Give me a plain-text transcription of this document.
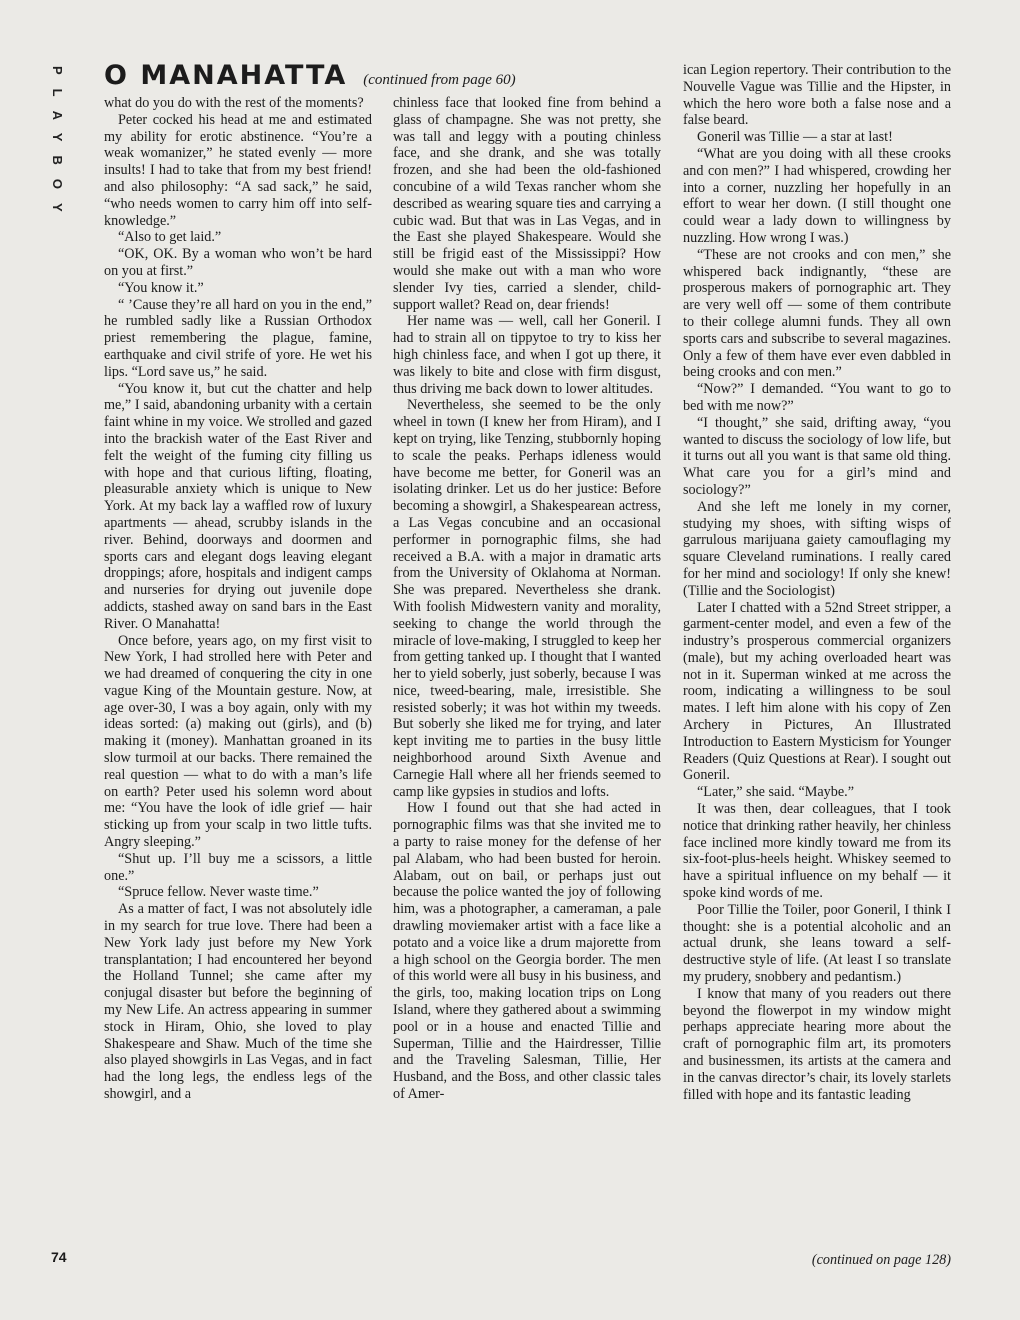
PLAYBOY O MANAHATTA (continued from page 60)

what do you do with the rest of the moments?

Peter cocked his head at me and estimated my ability for erotic abstinence. “You’re a weak womanizer,” he stated evenly — more insults! I had to take that from my best friend! and also philosophy: “A sad sack,” he said, “who needs women to carry him off into self-knowledge.”

“Also to get laid.”

“OK, OK. By a woman who won’t be hard on you at first.”

“You know it.”

“ ’Cause they’re all hard on you in the end,” he rumbled sadly like a Russian Orthodox priest remembering the plague, famine, earthquake and civil strife of yore. He wet his lips. “Lord save us,” he said.

“You know it, but cut the chatter and help me,” I said, abandoning urbanity with a certain faint whine in my voice. We strolled and gazed into the brackish water of the East River and felt the weight of the fuming city filling us with hope and that curious lifting, floating, pleasurable anxiety which is unique to New York. At my back lay a waffled row of luxury apartments — ahead, scrubby islands in the river. Behind, doorways and doormen and sports cars and elegant dogs leaving elegant droppings; afore, hospitals and indigent camps and nurseries for drying out juvenile dope addicts, stashed away on sand bars in the East River. O Manahatta!

Once before, years ago, on my first visit to New York, I had strolled here with Peter and we had dreamed of conquering the city in one vague King of the Mountain gesture. Now, at age over-30, I was a boy again, only with my ideas sorted: (a) making out (girls), and (b) making it (money). Manhattan groaned in its slow turmoil at our backs. There remained the real question — what to do with a man’s life on earth? Peter used his solemn word about me: “You have the look of idle grief — hair sticking up from your scalp in two little tufts. Angry sleeping.”

“Shut up. I’ll buy me a scissors, a little one.”

“Spruce fellow. Never waste time.”

As a matter of fact, I was not absolutely idle in my search for true love. There had been a New York lady just before my New York transplantation; I had encountered her beyond the Holland Tunnel; she came after my conjugal disaster but before the beginning of my New Life. An actress appearing in summer stock in Hiram, Ohio, she loved to play Shakespeare and Shaw. Much of the time she also played showgirls in Las Vegas, and in fact had the long legs, the endless legs of the showgirl, and a

chinless face that looked fine from behind a glass of champagne. She was not pretty, she was tall and leggy with a pouting chinless face, and she drank, and she was totally frozen, and she had been the old-fashioned concubine of a wild Texas rancher whom she described as wearing square ties and carrying a cubic wad. But that was in Las Vegas, and in the East she played Shakespeare. Would she still be frigid east of the Mississippi? How would she make out with a man who wore slender Ivy ties, carried a slender, child-support wallet? Read on, dear friends!

Her name was — well, call her Goneril. I had to strain all on tippytoe to try to kiss her high chinless face, and when I got up there, it was likely to bite and close with firm disgust, thus driving me back down to lower altitudes.

Nevertheless, she seemed to be the only wheel in town (I knew her from Hiram), and I kept on trying, like Tenzing, stubbornly hoping to scale the peaks. Perhaps idleness would have become me better, for Goneril was an isolating drinker. Let us do her justice: Before becoming a showgirl, a Shakespearean actress, a Las Vegas concubine and an occasional performer in pornographic films, she had received a B.A. with a major in dramatic arts from the University of Oklahoma at Norman. She was prepared. Nevertheless she drank. With foolish Midwestern vanity and morality, seeking to change the world through the miracle of love-making, I struggled to keep her from getting tanked up. I thought that I wanted her to yield soberly, just soberly, because I was nice, tweed-bearing, male, irresistible. She resisted soberly; it was hot within my tweeds. But soberly she liked me for trying, and later kept inviting me to parties in the busy little neighborhood around Sixth Avenue and Carnegie Hall where all her friends seemed to camp like gypsies in studios and lofts.

How I found out that she had acted in pornographic films was that she invited me to a party to raise money for the defense of her pal Alabam, who had been busted for heroin. Alabam, out on bail, or perhaps just out because the police wanted the joy of following him, was a photographer, a cameraman, a pale drawling moviemaker artist with a face like a potato and a voice like a drum majorette from a high school on the Georgia border. The men of this world were all busy in his business, and the girls, too, making location trips on Long Island, where they gathered about a swimming pool or in a house and enacted Tillie and Superman, Tillie and the Hairdresser, Tillie and the Traveling Salesman, Tillie, Her Husband, and the Boss, and other classic tales of Amer-

ican Legion repertory. Their contribution to the Nouvelle Vague was Tillie and the Hipster, in which the hero wore both a false nose and a false beard.

Goneril was Tillie — a star at last!

“What are you doing with all these crooks and con men?” I had whispered, crowding her into a corner, nuzzling her hopefully in an effort to wear her down. (I still thought one could wear a lady down to willingness by nuzzling. How wrong I was.)

“These are not crooks and con men,” she whispered back indignantly, “these are prosperous makers of pornographic art. They are very well off — some of them contribute to their college alumni funds. They all own sports cars and subscribe to several magazines. Only a few of them have ever even dabbled in being crooks and con men.”

“Now?” I demanded. “You want to go to bed with me now?”

“I thought,” she said, drifting away, “you wanted to discuss the sociology of low life, but it turns out all you want is that same old thing. What care you for a girl’s mind and sociology?”

And she left me lonely in my corner, studying my shoes, with sifting wisps of garrulous marijuana gaiety camouflaging my square Cleveland ruminations. I really cared for her mind and sociology! If only she knew! (Tillie and the Sociologist)

Later I chatted with a 52nd Street stripper, a garment-center model, and even a few of the industry’s prosperous commercial organizers (male), but my aching overloaded heart was not in it. Superman winked at me across the room, indicating a willingness to be soul mates. I left him alone with his copy of Zen Archery in Pictures, An Illustrated Introduction to Eastern Mysticism for Younger Readers (Quiz Questions at Rear). I sought out Goneril.

“Later,” she said. “Maybe.”

It was then, dear colleagues, that I took notice that drinking rather heavily, her chinless face inclined more kindly toward me from its six-foot-plus-heels height. Whiskey seemed to have a spiritual influence on my behalf — it spoke kind words of me.

Poor Tillie the Toiler, poor Goneril, I think I thought: she is a potential alcoholic and an actual drunk, she leans toward a self-destructive style of life. (At least I so translate my prudery, snobbery and pedantism.)

I know that many of you readers out there beyond the flowerpot in my window might perhaps appreciate hearing more about the craft of pornographic film art, its promoters and businessmen, its artists at the camera and in the canvas director’s chair, its lovely starlets filled with hope and its fantastic leading

(continued on page 128)
74
